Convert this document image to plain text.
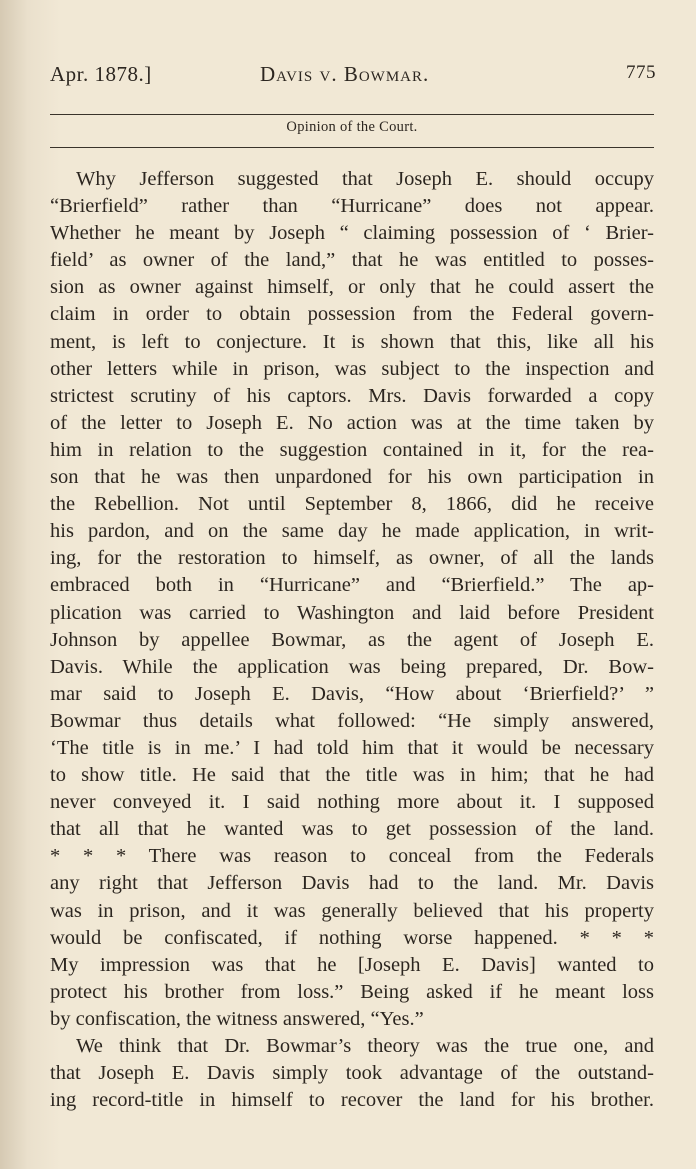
Apr. 1878.]	Davis v. Bowmar.	775
Opinion of the Court.
Why Jefferson suggested that Joseph E. should occupy
“Brierfield” rather than “Hurricane” does not appear.
Whether he meant by Joseph “ claiming possession of ‘ Brier-
field’ as owner of the land,” that he was entitled to posses-
sion as owner against himself, or only that he could assert the
claim in order to obtain possession from the Federal govern-
ment, is left to conjecture. It is shown that this, like all his
other letters while in prison, was subject to the inspection and
strictest scrutiny of his captors. Mrs. Davis forwarded a copy
of the letter to Joseph E. No action was at the time taken by
him in relation to the suggestion contained in it, for the rea-
son that he was then unpardoned for his own participation in
the Rebellion. Not until September 8, 1866, did he receive
his pardon, and on the same day he made application, in writ-
ing, for the restoration to himself, as owner, of all the lands
embraced both in “Hurricane” and “Brierfield.” The ap-
plication was carried to Washington and laid before President
Johnson by appellee Bowmar, as the agent of Joseph E.
Davis. While the application was being prepared, Dr. Bow-
mar said to Joseph E. Davis, “How about ‘Brierfield?’ ”
Bowmar thus details what followed: “He simply answered,
‘The title is in me.’ I had told him that it would be necessary
to show title. He said that the title was in him; that he had
never conveyed it. I said nothing more about it. I supposed
that all that he wanted was to get possession of the land.
* * * There was reason to conceal from the Federals
any right that Jefferson Davis had to the land. Mr. Davis
was in prison, and it was generally believed that his property
would be confiscated, if nothing worse happened. * * *
My impression was that he [Joseph E. Davis] wanted to
protect his brother from loss.” Being asked if he meant loss
by confiscation, the witness answered, “Yes.”
We think that Dr. Bowmar’s theory was the true one, and
that Joseph E. Davis simply took advantage of the outstand-
ing record-title in himself to recover the land for his brother.
